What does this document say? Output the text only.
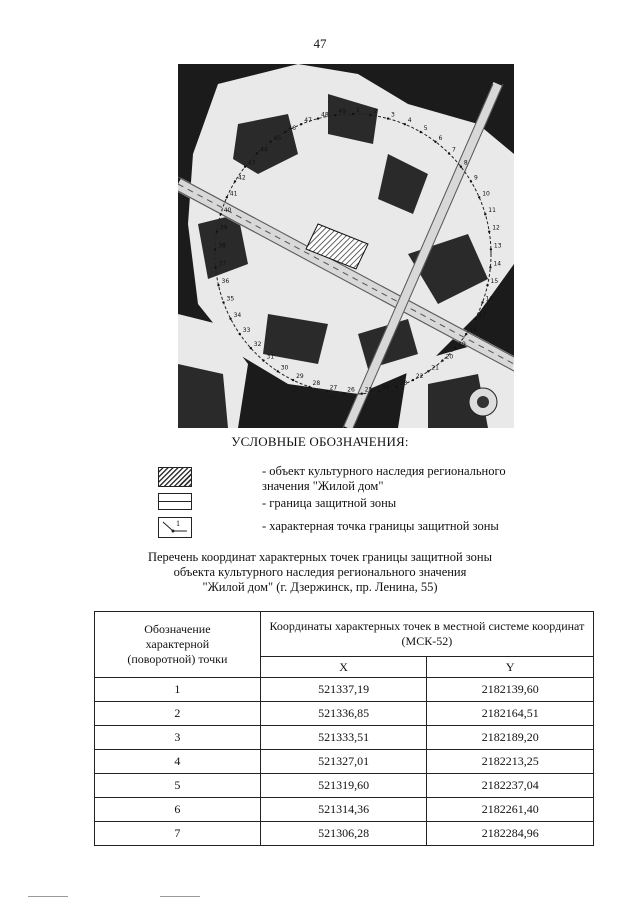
47
1 2 3
4
5
6
7
8
9
10
11
12
13
14
15
16
17
18
19
20
21
22
23
24
25
26
27
28
29
30
31
32
33
34
35
36
37
38
39
40
41
42
43
44
45
46
47
48 49
УСЛОВНЫЕ ОБОЗНАЧЕНИЯ:
- объект культурного наследия регионального значения "Жилой дом"
- граница защитной зоны
1	- характерная точка границы защитной зоны
Перечень координат характерных точек границы защитной зоны
объекта культурного наследия регионального значения
"Жилой дом" (г. Дзержинск, пр. Ленина, 55)
Обозначение характерной (поворотной) точки	Координаты характерных точек в местной системе координат (МСК-52)	
	X	Y
1	521337,19	2182139,60
2	521336,85	2182164,51
3	521333,51	2182189,20
4	521327,01	2182213,25
5	521319,60	2182237,04
6	521314,36	2182261,40
7	521306,28	2182284,96
